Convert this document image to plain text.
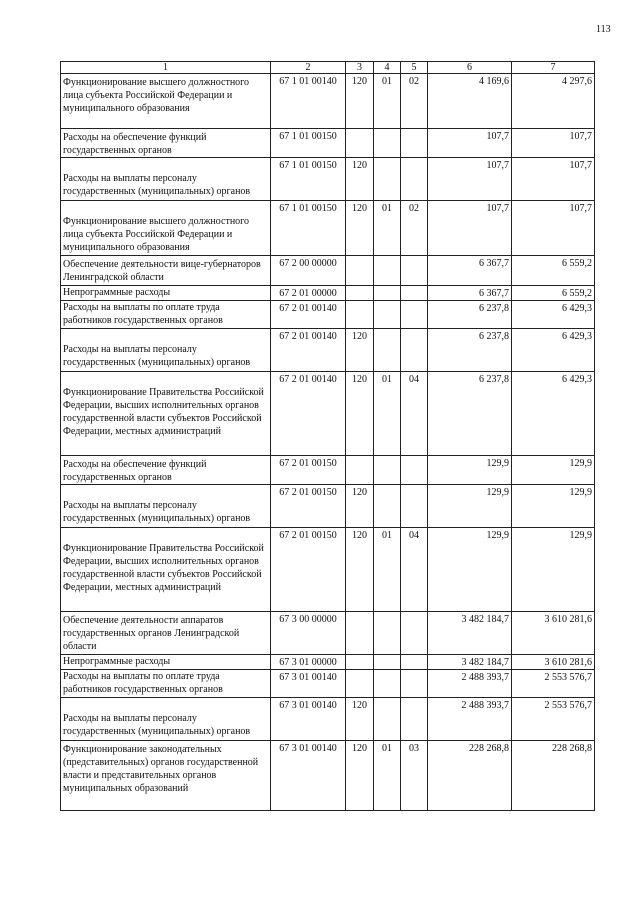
113
1	2	3	4	5	6	7
Функционирование высшего должностного лица субъекта Российской Федерации и муниципального образования	67 1 01 00140	120	01	02	4 169,6	4 297,6
Расходы на обеспечение функций государственных органов	67 1 01 00150				107,7	107,7
Расходы на выплаты персоналу государственных (муниципальных) органов	67 1 01 00150	120			107,7	107,7
Функционирование высшего должностного лица субъекта Российской Федерации и муниципального образования	67 1 01 00150	120	01	02	107,7	107,7
Обеспечение деятельности вице-губернаторов Ленинградской области	67 2 00 00000				6 367,7	6 559,2
Непрограммные расходы	67 2 01 00000				6 367,7	6 559,2
Расходы на выплаты по оплате труда работников государственных органов	67 2 01 00140				6 237,8	6 429,3
Расходы на выплаты персоналу государственных (муниципальных) органов	67 2 01 00140	120			6 237,8	6 429,3
Функционирование Правительства Российской Федерации, высших исполнительных органов государственной власти субъектов Российской Федерации, местных администраций	67 2 01 00140	120	01	04	6 237,8	6 429,3
Расходы на обеспечение функций государственных органов	67 2 01 00150				129,9	129,9
Расходы на выплаты персоналу государственных (муниципальных) органов	67 2 01 00150	120			129,9	129,9
Функционирование Правительства Российской Федерации, высших исполнительных органов государственной власти субъектов Российской Федерации, местных администраций	67 2 01 00150	120	01	04	129,9	129,9
Обеспечение деятельности аппаратов государственных органов Ленинградской области	67 3 00 00000				3 482 184,7	3 610 281,6
Непрограммные расходы	67 3 01 00000				3 482 184,7	3 610 281,6
Расходы на выплаты по оплате труда работников государственных органов	67 3 01 00140				2 488 393,7	2 553 576,7
Расходы на выплаты персоналу государственных (муниципальных) органов	67 3 01 00140	120			2 488 393,7	2 553 576,7
Функционирование законодательных (представительных) органов государственной власти и представительных органов муниципальных образований	67 3 01 00140	120	01	03	228 268,8	228 268,8
